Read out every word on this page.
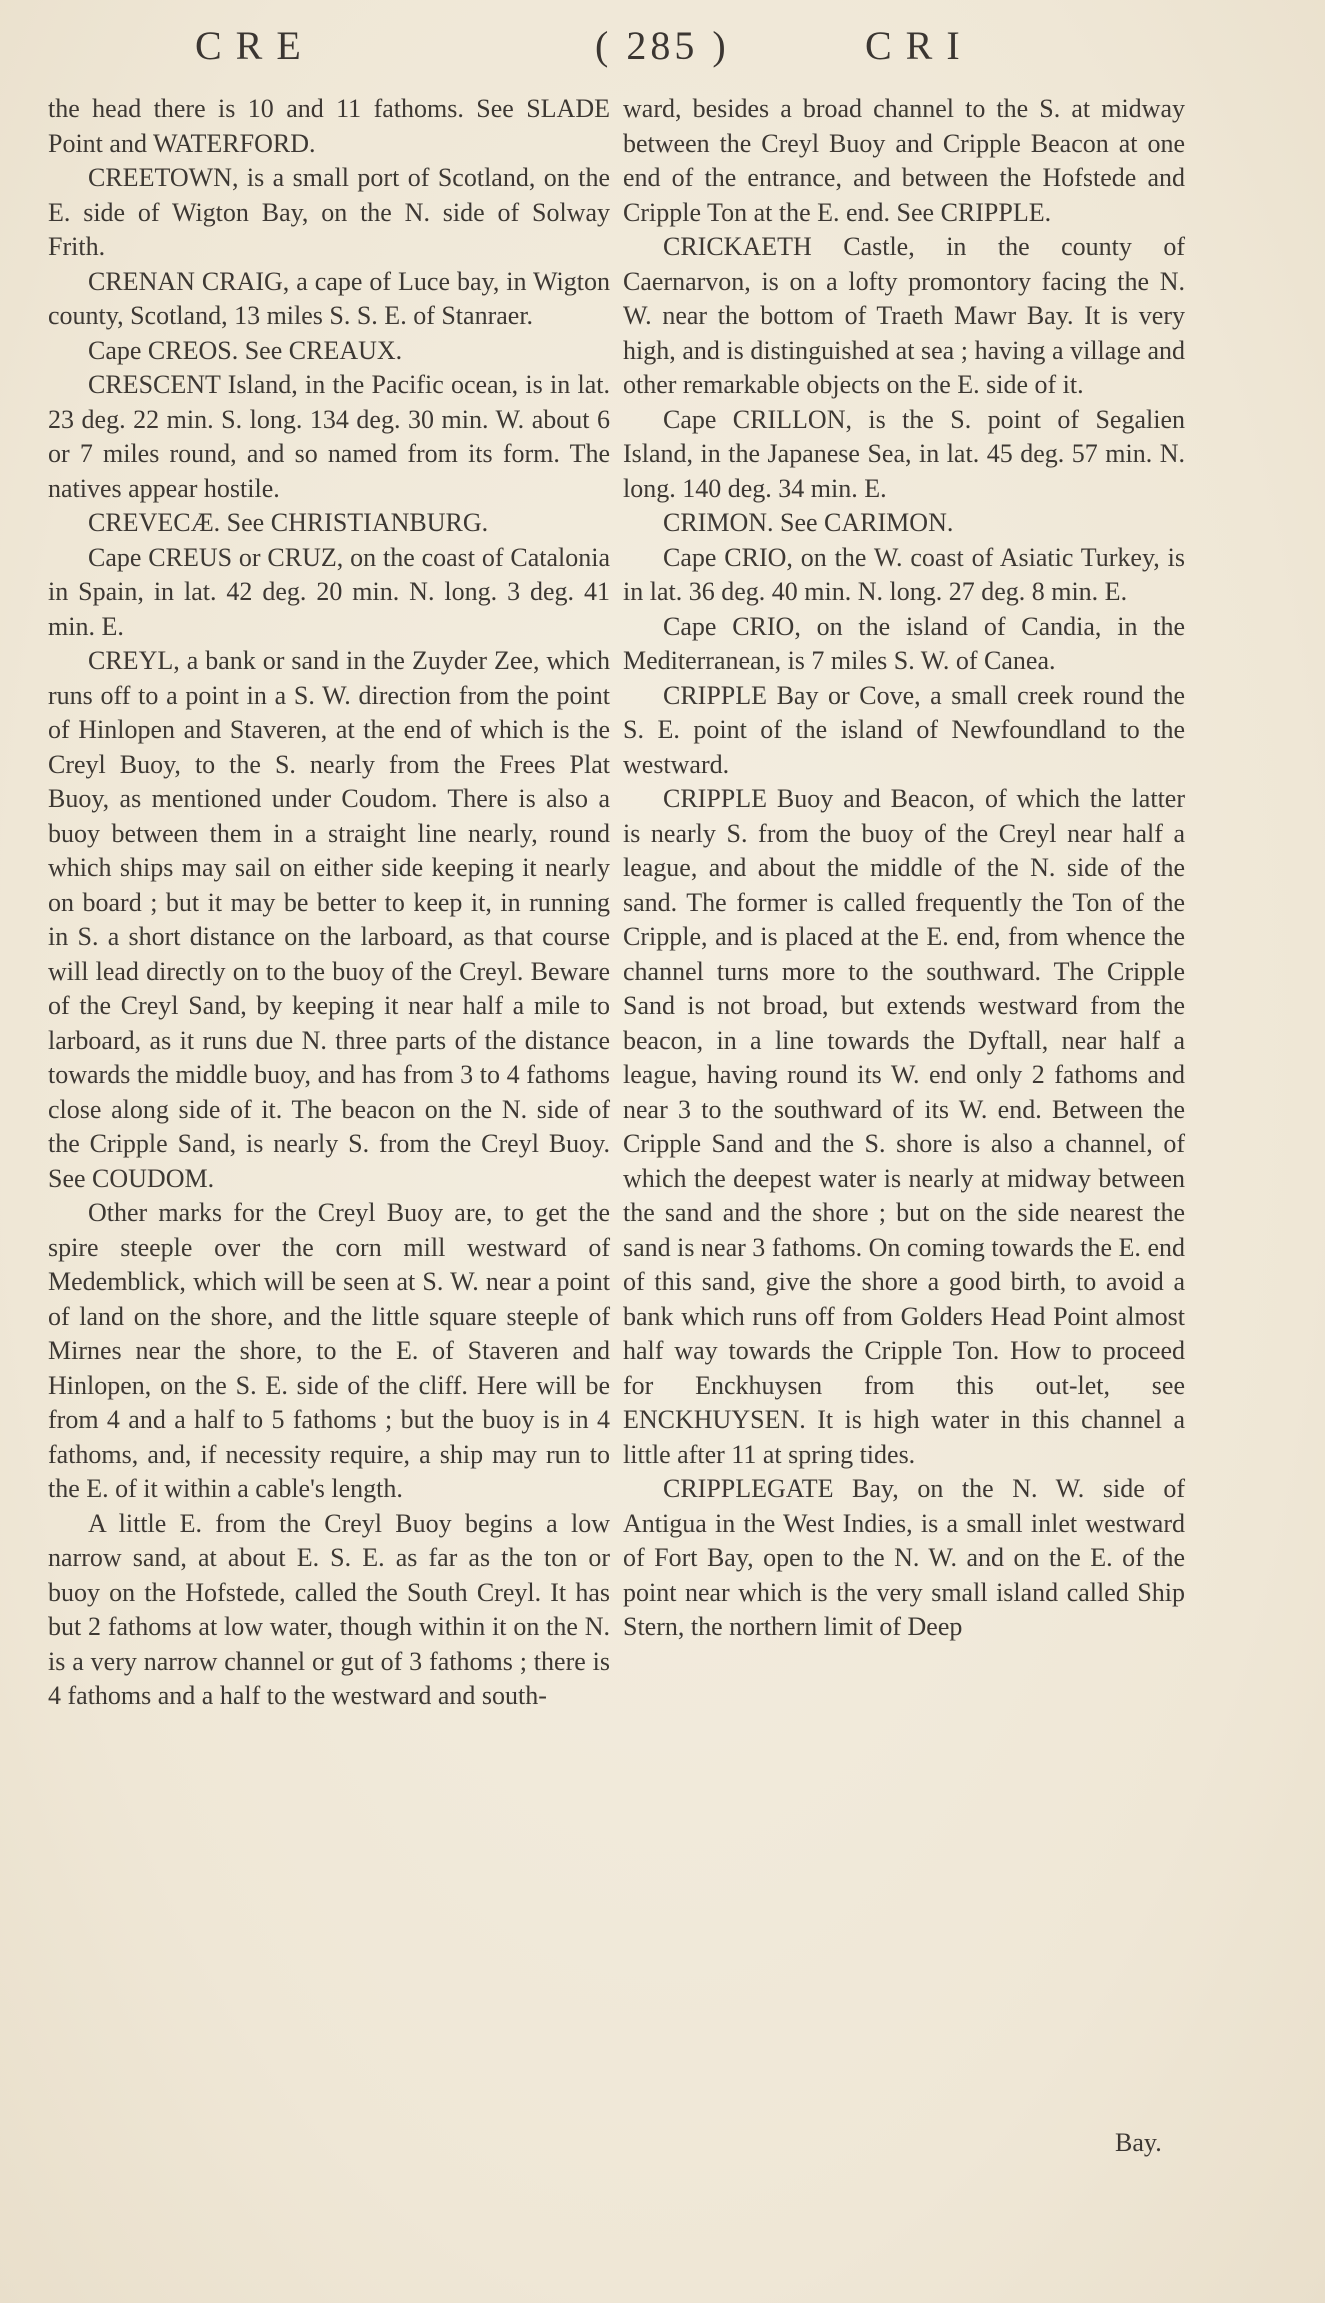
CRE	( 285 )	CRI

the head there is 10 and 11 fathoms. See SLADE Point and WATERFORD.

CREETOWN, is a small port of Scotland, on the E. side of Wigton Bay, on the N. side of Solway Frith.

CRENAN CRAIG, a cape of Luce bay, in Wigton county, Scotland, 13 miles S. S. E. of Stanraer.

Cape CREOS. See CREAUX.

CRESCENT Island, in the Pacific ocean, is in lat. 23 deg. 22 min. S. long. 134 deg. 30 min. W. about 6 or 7 miles round, and so named from its form. The natives appear hostile.

CREVECÆ. See CHRISTIANBURG.

Cape CREUS or CRUZ, on the coast of Catalonia in Spain, in lat. 42 deg. 20 min. N. long. 3 deg. 41 min. E.

CREYL, a bank or sand in the Zuyder Zee, which runs off to a point in a S. W. direction from the point of Hinlopen and Staveren, at the end of which is the Creyl Buoy, to the S. nearly from the Frees Plat Buoy, as mentioned under Coudom. There is also a buoy between them in a straight line nearly, round which ships may sail on either side keeping it nearly on board ; but it may be better to keep it, in running in S. a short distance on the larboard, as that course will lead directly on to the buoy of the Creyl. Beware of the Creyl Sand, by keeping it near half a mile to larboard, as it runs due N. three parts of the distance towards the middle buoy, and has from 3 to 4 fathoms close along side of it. The beacon on the N. side of the Cripple Sand, is nearly S. from the Creyl Buoy. See COUDOM.

Other marks for the Creyl Buoy are, to get the spire steeple over the corn mill westward of Medemblick, which will be seen at S. W. near a point of land on the shore, and the little square steeple of Mirnes near the shore, to the E. of Staveren and Hinlopen, on the S. E. side of the cliff. Here will be from 4 and a half to 5 fathoms ; but the buoy is in 4 fathoms, and, if necessity require, a ship may run to the E. of it within a cable's length.

A little E. from the Creyl Buoy begins a low narrow sand, at about E. S. E. as far as the ton or buoy on the Hofstede, called the South Creyl. It has but 2 fathoms at low water, though within it on the N. is a very narrow channel or gut of 3 fathoms ; there is 4 fathoms and a half to the westward and south-

ward, besides a broad channel to the S. at midway between the Creyl Buoy and Cripple Beacon at one end of the entrance, and between the Hofstede and Cripple Ton at the E. end. See CRIPPLE.

CRICKAETH Castle, in the county of Caernarvon, is on a lofty promontory facing the N. W. near the bottom of Traeth Mawr Bay. It is very high, and is distinguished at sea ; having a village and other remarkable objects on the E. side of it.

Cape CRILLON, is the S. point of Segalien Island, in the Japanese Sea, in lat. 45 deg. 57 min. N. long. 140 deg. 34 min. E.

CRIMON. See CARIMON.

Cape CRIO, on the W. coast of Asiatic Turkey, is in lat. 36 deg. 40 min. N. long. 27 deg. 8 min. E.

Cape CRIO, on the island of Candia, in the Mediterranean, is 7 miles S. W. of Canea.

CRIPPLE Bay or Cove, a small creek round the S. E. point of the island of Newfoundland to the westward.

CRIPPLE Buoy and Beacon, of which the latter is nearly S. from the buoy of the Creyl near half a league, and about the middle of the N. side of the sand. The former is called frequently the Ton of the Cripple, and is placed at the E. end, from whence the channel turns more to the southward. The Cripple Sand is not broad, but extends westward from the beacon, in a line towards the Dyftall, near half a league, having round its W. end only 2 fathoms and near 3 to the southward of its W. end. Between the Cripple Sand and the S. shore is also a channel, of which the deepest water is nearly at midway between the sand and the shore ; but on the side nearest the sand is near 3 fathoms. On coming towards the E. end of this sand, give the shore a good birth, to avoid a bank which runs off from Golders Head Point almost half way towards the Cripple Ton. How to proceed for Enckhuysen from this out-let, see ENCKHUYSEN. It is high water in this channel a little after 11 at spring tides.

CRIPPLEGATE Bay, on the N. W. side of Antigua in the West Indies, is a small inlet westward of Fort Bay, open to the N. W. and on the E. of the point near which is the very small island called Ship Stern, the northern limit of Deep

Bay.
